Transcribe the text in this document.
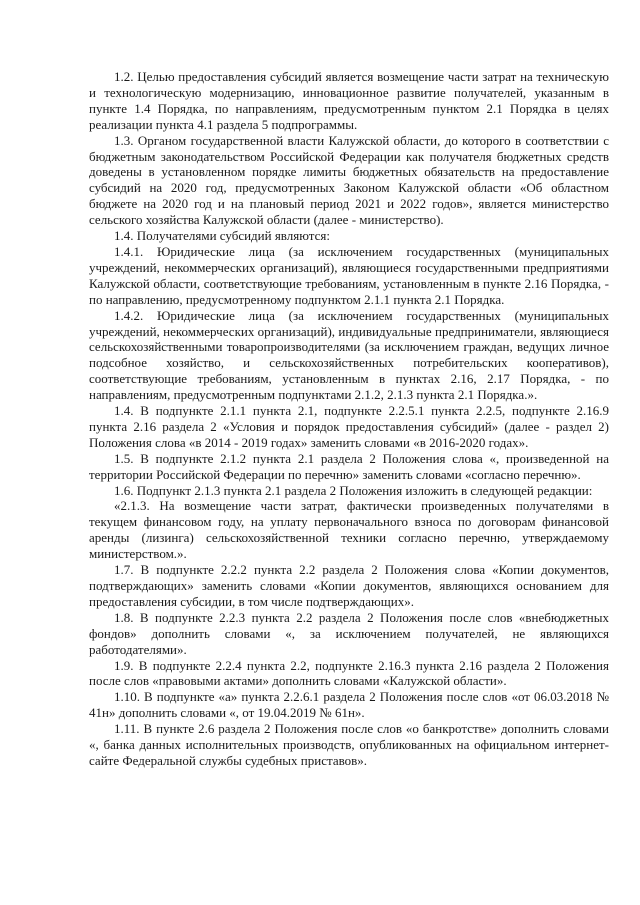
1.2. Целью предоставления субсидий является возмещение части затрат на техническую и технологическую модернизацию, инновационное развитие получателей, указанным в пункте 1.4 Порядка, по направлениям, предусмотренным пунктом 2.1 Порядка в целях реализации пункта 4.1 раздела 5 подпрограммы.

1.3. Органом государственной власти Калужской области, до которого в соответствии с бюджетным законодательством Российской Федерации как получателя бюджетных средств доведены в установленном порядке лимиты бюджетных обязательств на предоставление субсидий на 2020 год, предусмотренных Законом Калужской области «Об областном бюджете на 2020 год и на плановый период 2021 и 2022 годов», является министерство сельского хозяйства Калужской области (далее - министерство).

1.4. Получателями субсидий являются:

1.4.1. Юридические лица (за исключением государственных (муниципальных учреждений, некоммерческих организаций), являющиеся государственными предприятиями Калужской области, соответствующие требованиям, установленным в пункте 2.16 Порядка, - по направлению, предусмотренному подпунктом 2.1.1 пункта 2.1 Порядка.

1.4.2. Юридические лица (за исключением государственных (муниципальных учреждений, некоммерческих организаций), индивидуальные предприниматели, являющиеся сельскохозяйственными товаропроизводителями (за исключением граждан, ведущих личное подсобное хозяйство, и сельскохозяйственных потребительских кооперативов), соответствующие требованиям, установленным в пунктах 2.16, 2.17 Порядка, - по направлениям, предусмотренным подпунктами 2.1.2, 2.1.3 пункта 2.1 Порядка.».

1.4. В подпункте 2.1.1 пункта 2.1, подпункте 2.2.5.1 пункта 2.2.5, подпункте 2.16.9 пункта 2.16 раздела 2 «Условия и порядок предоставления субсидий» (далее - раздел 2) Положения слова «в 2014 - 2019 годах» заменить словами «в 2016-2020 годах».

1.5. В подпункте 2.1.2 пункта 2.1 раздела 2 Положения слова «, произведенной на территории Российской Федерации по перечню» заменить словами «согласно перечню».

1.6. Подпункт 2.1.3 пункта 2.1 раздела 2 Положения изложить в следующей редакции:

«2.1.3. На возмещение части затрат, фактически произведенных получателями в текущем финансовом году, на уплату первоначального взноса по договорам финансовой аренды (лизинга) сельскохозяйственной техники согласно перечню, утверждаемому министерством.».

1.7. В подпункте 2.2.2 пункта 2.2 раздела 2 Положения слова «Копии документов, подтверждающих» заменить словами «Копии документов, являющихся основанием для предоставления субсидии, в том числе подтверждающих».

1.8. В подпункте 2.2.3 пункта 2.2 раздела 2 Положения после слов «внебюджетных фондов» дополнить словами «, за исключением получателей, не являющихся работодателями».

1.9. В подпункте 2.2.4 пункта 2.2, подпункте 2.16.3 пункта 2.16 раздела 2 Положения после слов «правовыми актами» дополнить словами «Калужской области».

1.10. В подпункте «а» пункта 2.2.6.1 раздела 2 Положения после слов «от 06.03.2018 № 41н» дополнить словами «, от 19.04.2019 № 61н».

1.11. В пункте 2.6 раздела 2 Положения после слов «о банкротстве» дополнить словами «, банка данных исполнительных производств, опубликованных на официальном интернет-сайте Федеральной службы судебных приставов».
